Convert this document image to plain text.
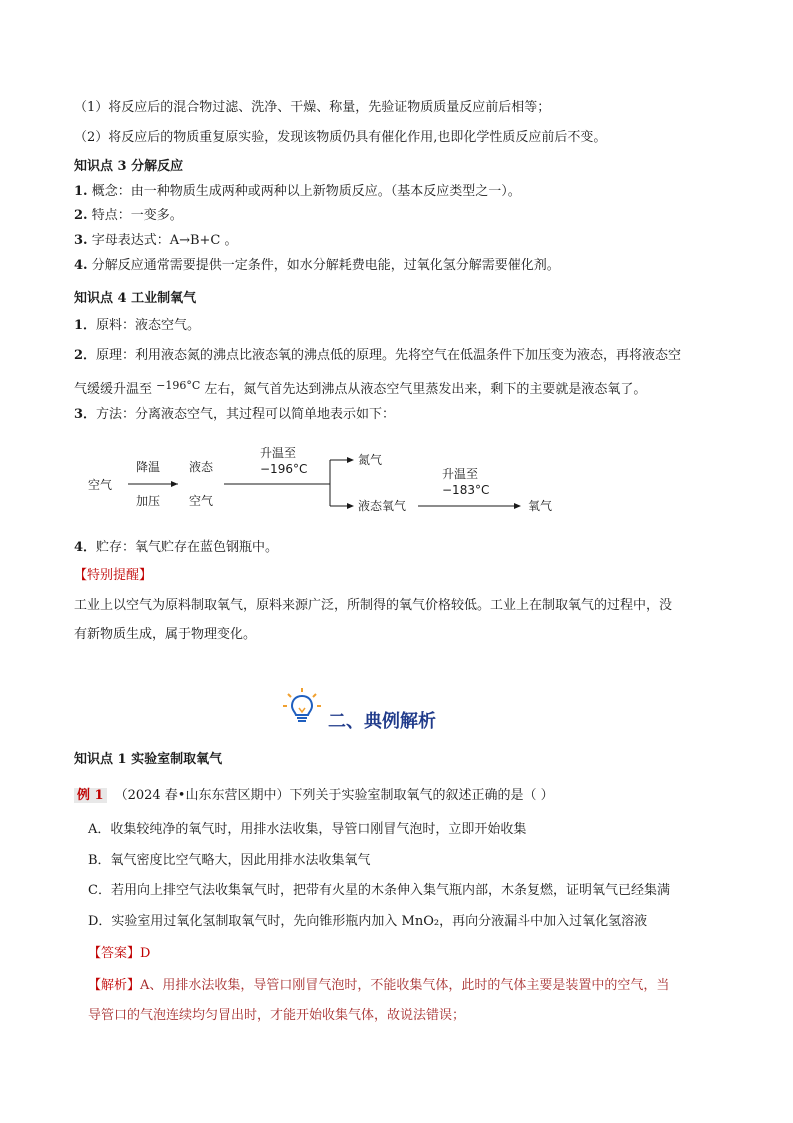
（1）将反应后的混合物过滤、洗净、干燥、称量，先验证物质质量反应前后相等；
（2）将反应后的物质重复原实验，发现该物质仍具有催化作用,也即化学性质反应前后不变。
知识点 3 分解反应
1. 概念：由一种物质生成两种或两种以上新物质反应。（基本反应类型之一）。
2. 特点：一变多。
3. 字母表达式：A→B+C 。
4. 分解反应通常需要提供一定条件，如水分解耗费电能，过氧化氢分解需要催化剂。
知识点 4 工业制氧气
1．原料：液态空气。
2．原理：利用液态氮的沸点比液态氧的沸点低的原理。先将空气在低温条件下加压变为液态，再将液态空
气缓缓升温至 $^{-196^\circ C}$ 左右，氮气首先达到沸点从液态空气里蒸发出来，剩下的主要就是液态氧了。
3．方法：分离液态空气，其过程可以简单地表示如下：
空气
降温
加压
液态
空气
升温至
−196°C
氮气
液态氧气
升温至
−183°C
氧气
4．贮存：氧气贮存在蓝色钢瓶中。
【特别提醒】
工业上以空气为原料制取氧气，原料来源广泛，所制得的氧气价格较低。工业上在制取氧气的过程中，没
有新物质生成，属于物理变化。
二、典例解析
知识点 1 实验室制取氧气
例 1 （2024 春•山东东营区期中）下列关于实验室制取氧气的叙述正确的是（ ）
A．收集较纯净的氧气时，用排水法收集，导管口刚冒气泡时，立即开始收集
B．氧气密度比空气略大，因此用排水法收集氧气
C．若用向上排空气法收集氧气时，把带有火星的木条伸入集气瓶内部，木条复燃，证明氧气已经集满
D．实验室用过氧化氢制取氧气时，先向锥形瓶内加入 MnO₂，再向分液漏斗中加入过氧化氢溶液
【答案】D
【解析】A、用排水法收集，导管口刚冒气泡时，不能收集气体，此时的气体主要是装置中的空气，当
导管口的气泡连续均匀冒出时，才能开始收集气体，故说法错误；
